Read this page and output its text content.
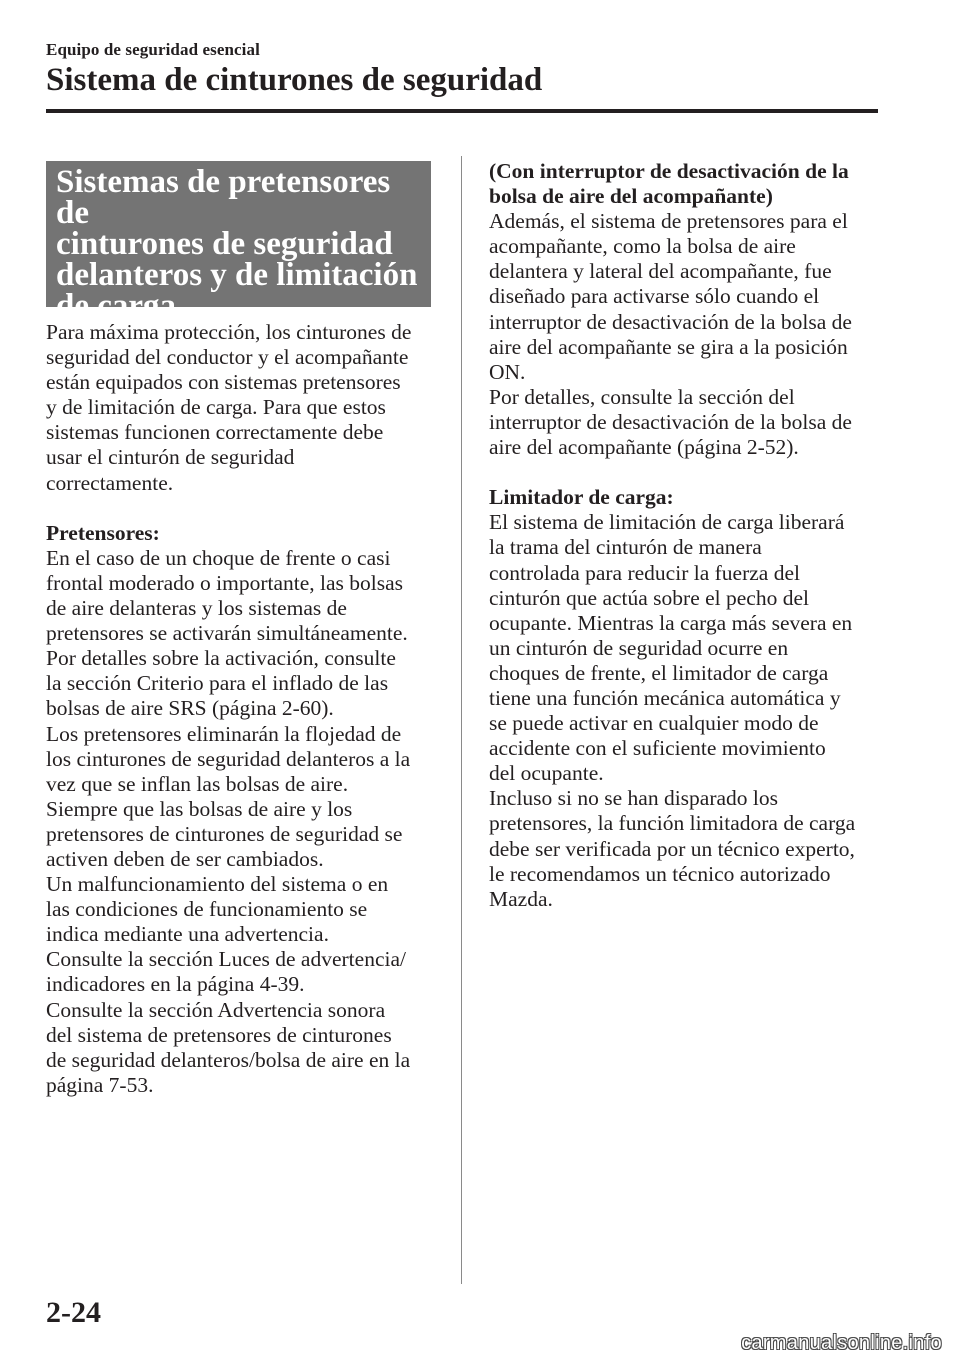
Equipo de seguridad esencial
Sistema de cinturones de seguridad
Sistemas de pretensores de
cinturones de seguridad
delanteros y de limitación
de carga
Para máxima protección, los cinturones de
seguridad del conductor y el acompañante
están equipados con sistemas pretensores
y de limitación de carga. Para que estos
sistemas funcionen correctamente debe
usar el cinturón de seguridad
correctamente.
Pretensores:
En el caso de un choque de frente o casi
frontal moderado o importante, las bolsas
de aire delanteras y los sistemas de
pretensores se activarán simultáneamente.
Por detalles sobre la activación, consulte
la sección Criterio para el inflado de las
bolsas de aire SRS (página 2-60).
Los pretensores eliminarán la flojedad de
los cinturones de seguridad delanteros a la
vez que se inflan las bolsas de aire.
Siempre que las bolsas de aire y los
pretensores de cinturones de seguridad se
activen deben de ser cambiados.
Un malfuncionamiento del sistema o en
las condiciones de funcionamiento se
indica mediante una advertencia.
Consulte la sección Luces de advertencia/
indicadores en la página 4-39.
Consulte la sección Advertencia sonora
del sistema de pretensores de cinturones
de seguridad delanteros/bolsa de aire en la
página 7-53.
(Con interruptor de desactivación de la
bolsa de aire del acompañante)
Además, el sistema de pretensores para el
acompañante, como la bolsa de aire
delantera y lateral del acompañante, fue
diseñado para activarse sólo cuando el
interruptor de desactivación de la bolsa de
aire del acompañante se gira a la posición
ON.
Por detalles, consulte la sección del
interruptor de desactivación de la bolsa de
aire del acompañante (página 2-52).
Limitador de carga:
El sistema de limitación de carga liberará
la trama del cinturón de manera
controlada para reducir la fuerza del
cinturón que actúa sobre el pecho del
ocupante. Mientras la carga más severa en
un cinturón de seguridad ocurre en
choques de frente, el limitador de carga
tiene una función mecánica automática y
se puede activar en cualquier modo de
accidente con el suficiente movimiento
del ocupante.
Incluso si no se han disparado los
pretensores, la función limitadora de carga
debe ser verificada por un técnico experto,
le recomendamos un técnico autorizado
Mazda.
2-24
carmanualsonline.info
